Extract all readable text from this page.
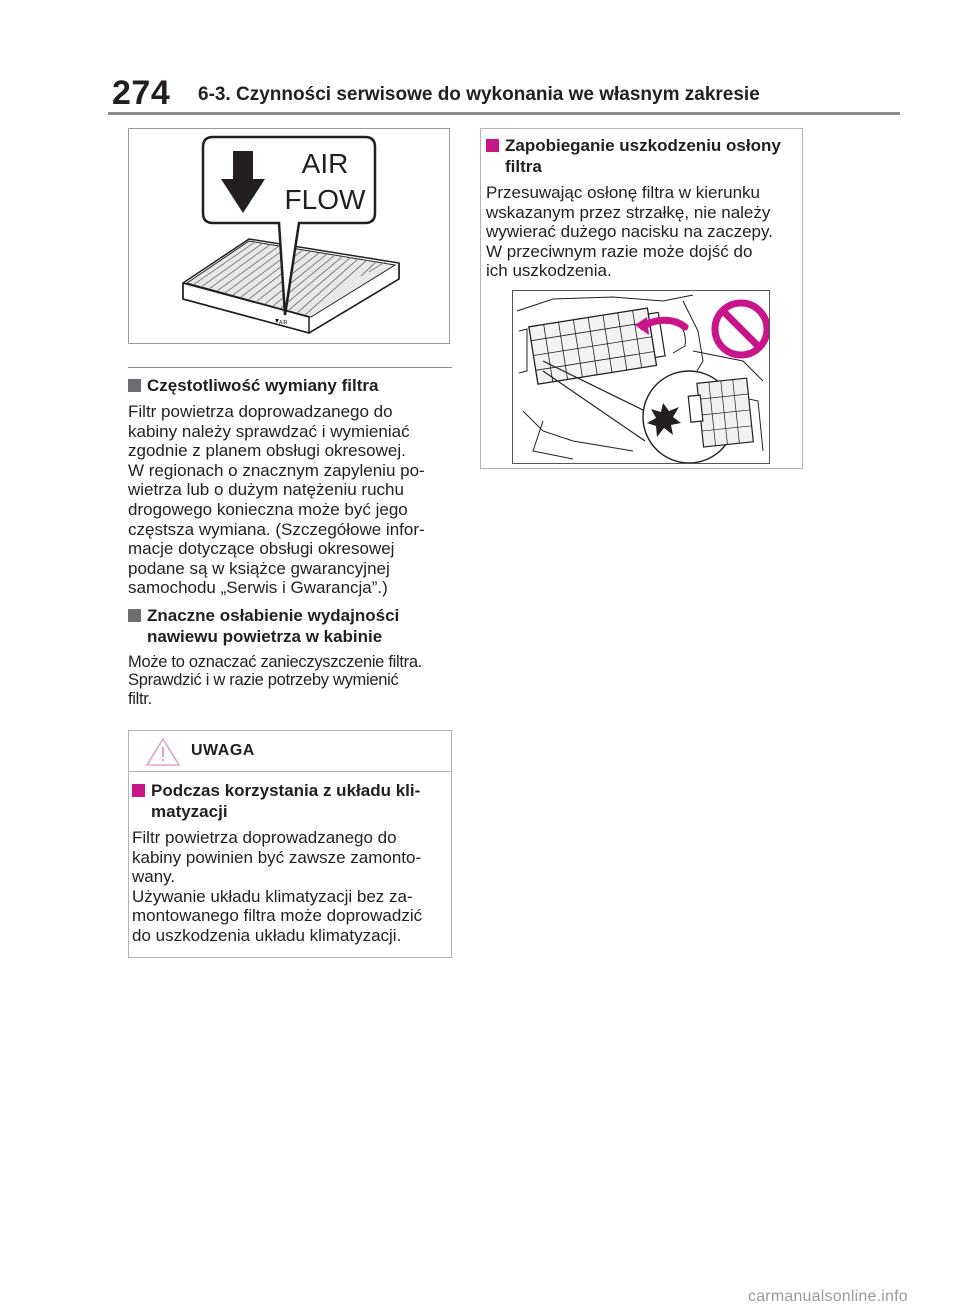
274 6-3. Czynności serwisowe do wykonania we własnym zakresie
AIR
AIR
FLOW

Częstotliwość wymiany filtra

Filtr powietrza doprowadzanego do
kabiny należy sprawdzać i wymieniać
zgodnie z planem obsługi okresowej.
W regionach o znacznym zapyleniu po-
wietrza lub o dużym natężeniu ruchu
drogowego konieczna może być jego
częstsza wymiana. (Szczegółowe infor-
macje dotyczące obsługi okresowej
podane są w książce gwarancyjnej
samochodu „Serwis i Gwarancja”.)

Znaczne osłabienie wydajności
nawiewu powietrza w kabinie

Może to oznaczać zanieczyszczenie filtra.
Sprawdzić i w razie potrzeby wymienić
filtr.
UWAGA

Podczas korzystania z układu kli-
matyzacji

Filtr powietrza doprowadzanego do
kabiny powinien być zawsze zamonto-
wany.
Używanie układu klimatyzacji bez za-
montowanego filtra może doprowadzić
do uszkodzenia układu klimatyzacji.

Zapobieganie uszkodzeniu osłony
filtra

Przesuwając osłonę filtra w kierunku
wskazanym przez strzałkę, nie należy
wywierać dużego nacisku na zaczepy.
W przeciwnym razie może dojść do
ich uszkodzenia.
carmanualsonline.info
